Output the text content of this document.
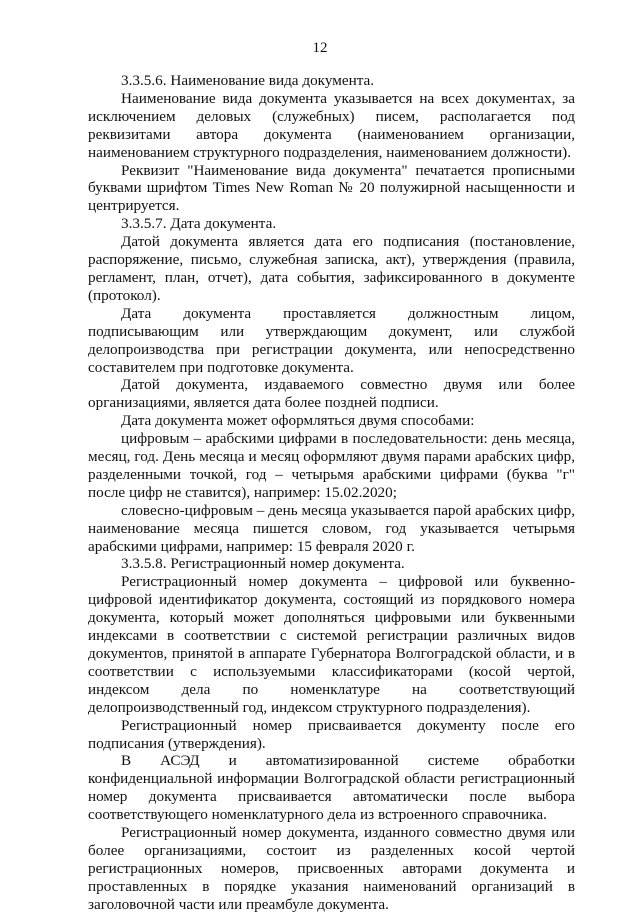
12

3.3.5.6. Наименование вида документа.

Наименование вида документа указывается на всех документах, за исключением деловых (служебных) писем, располагается под реквизитами автора документа (наименованием организации, наименованием структурного подразделения, наименованием должности).

Реквизит "Наименование вида документа" печатается прописными буквами шрифтом Times New Roman № 20 полужирной насыщенности и центрируется.

3.3.5.7. Дата документа.

Датой документа является дата его подписания (постановление, распоряжение, письмо, служебная записка, акт), утверждения (правила, регламент, план, отчет), дата события, зафиксированного в документе (протокол).

Дата документа проставляется должностным лицом, подписывающим или утверждающим документ, или службой делопроизводства при регистрации документа, или непосредственно составителем при подготовке документа.

Датой документа, издаваемого совместно двумя или более организациями, является дата более поздней подписи.

Дата документа может оформляться двумя способами:

цифровым – арабскими цифрами в последовательности: день месяца, месяц, год. День месяца и месяц оформляют двумя парами арабских цифр, разделенными точкой, год – четырьмя арабскими цифрами (буква "г" после цифр не ставится), например: 15.02.2020;

словесно-цифровым – день месяца указывается парой арабских цифр, наименование месяца пишется словом, год указывается четырьмя арабскими цифрами, например: 15 февраля 2020 г.

3.3.5.8. Регистрационный номер документа.

Регистрационный номер документа – цифровой или буквенно-цифровой идентификатор документа, состоящий из порядкового номера документа, который может дополняться цифровыми или буквенными индексами в соответствии с системой регистрации различных видов документов, принятой в аппарате Губернатора Волгоградской области, и в соответствии с используемыми классификаторами (косой чертой, индексом дела по номенклатуре на соответствующий делопроизводственный год, индексом структурного подразделения).

Регистрационный номер присваивается документу после его подписания (утверждения).

В АСЭД и автоматизированной системе обработки конфиденциальной информации Волгоградской области регистрационный номер документа присваивается автоматически после выбора соответствующего номенклатурного дела из встроенного справочника.

Регистрационный номер документа, изданного совместно двумя или более организациями, состоит из разделенных косой чертой регистрационных номеров, присвоенных авторами документа и проставленных в порядке указания наименований организаций в заголовочной части или преамбуле документа.
